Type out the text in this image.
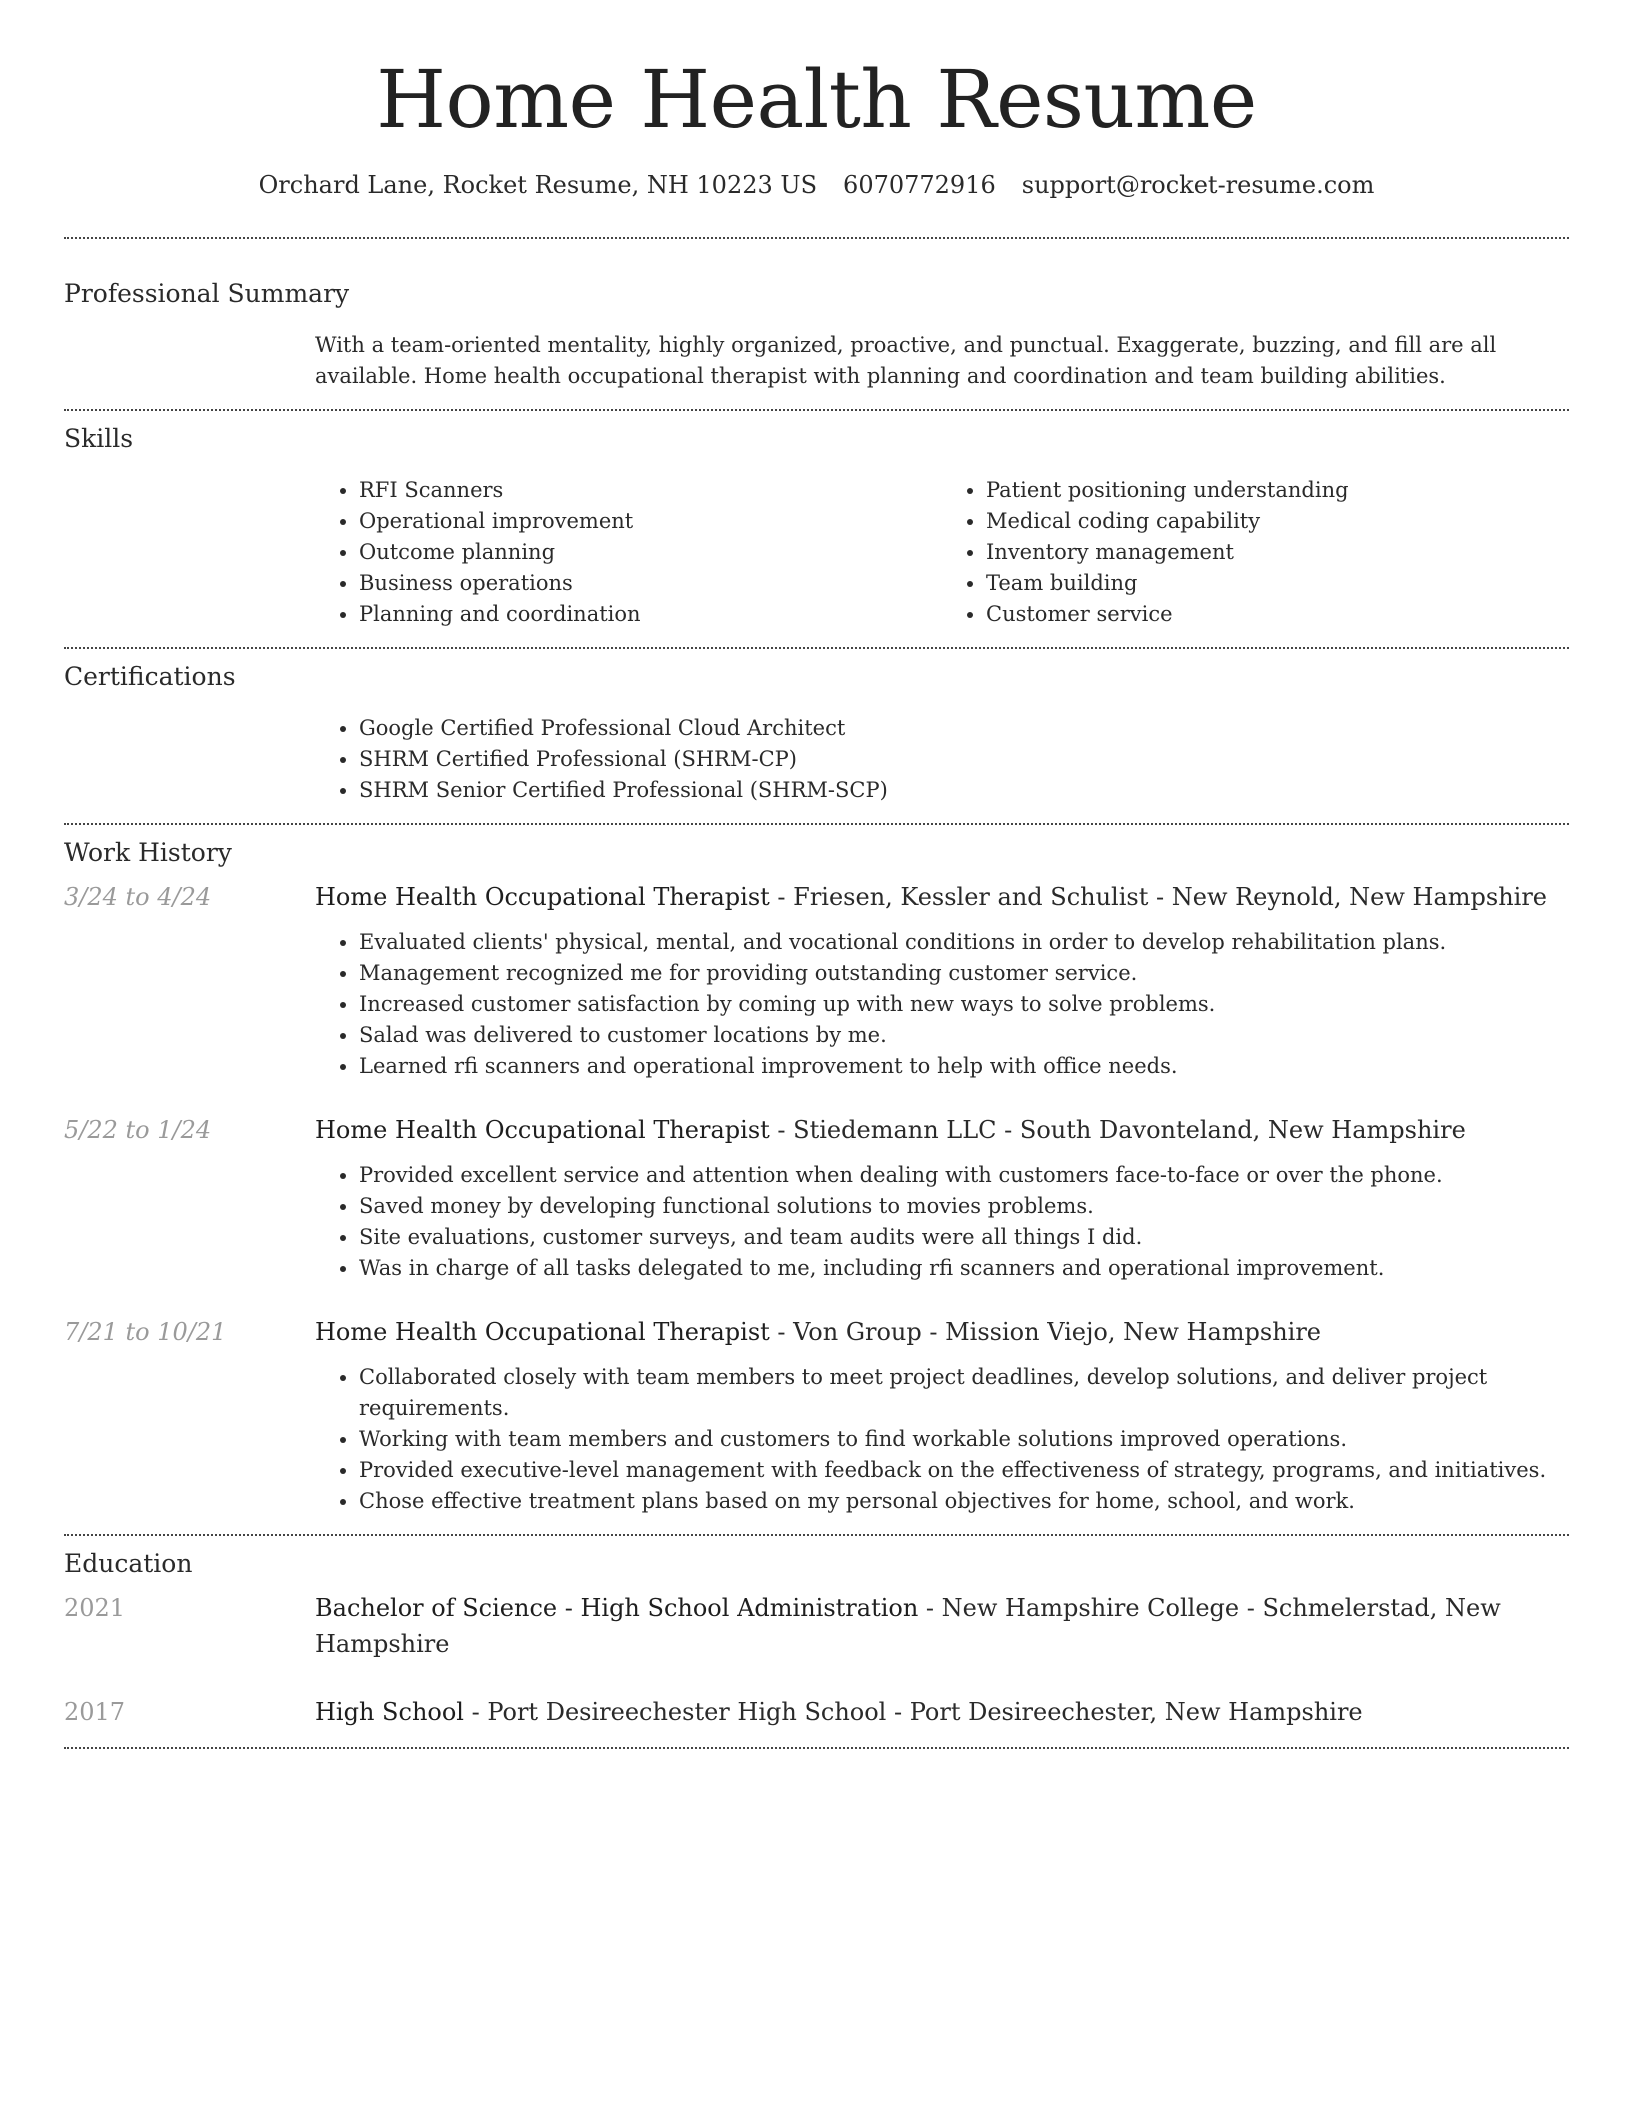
Home Health Resume
Orchard Lane, Rocket Resume, NH 10223 US 6070772916 support@rocket-resume.com
Professional Summary
With a team-oriented mentality, highly organized, proactive, and punctual. Exaggerate, buzzing, and fill are all available. Home health occupational therapist with planning and coordination and team building abilities.
Skills
• RFI Scanners
• Operational improvement
• Outcome planning
• Business operations
• Planning and coordination
• Patient positioning understanding
• Medical coding capability
• Inventory management
• Team building
• Customer service
Certifications
• Google Certified Professional Cloud Architect
• SHRM Certified Professional (SHRM-CP)
• SHRM Senior Certified Professional (SHRM-SCP)
Work History
3/24 to 4/24	Home Health Occupational Therapist - Friesen, Kessler and Schulist - New Reynold, New Hampshire
• Evaluated clients' physical, mental, and vocational conditions in order to develop rehabilitation plans.
• Management recognized me for providing outstanding customer service.
• Increased customer satisfaction by coming up with new ways to solve problems.
• Salad was delivered to customer locations by me.
• Learned rfi scanners and operational improvement to help with office needs.
5/22 to 1/24	Home Health Occupational Therapist - Stiedemann LLC - South Davonteland, New Hampshire
• Provided excellent service and attention when dealing with customers face-to-face or over the phone.
• Saved money by developing functional solutions to movies problems.
• Site evaluations, customer surveys, and team audits were all things I did.
• Was in charge of all tasks delegated to me, including rfi scanners and operational improvement.
7/21 to 10/21	Home Health Occupational Therapist - Von Group - Mission Viejo, New Hampshire
• Collaborated closely with team members to meet project deadlines, develop solutions, and deliver project requirements.
• Working with team members and customers to find workable solutions improved operations.
• Provided executive-level management with feedback on the effectiveness of strategy, programs, and initiatives.
• Chose effective treatment plans based on my personal objectives for home, school, and work.
Education
2021	Bachelor of Science - High School Administration - New Hampshire College - Schmelerstad, New Hampshire
2017	High School - Port Desireechester High School - Port Desireechester, New Hampshire
